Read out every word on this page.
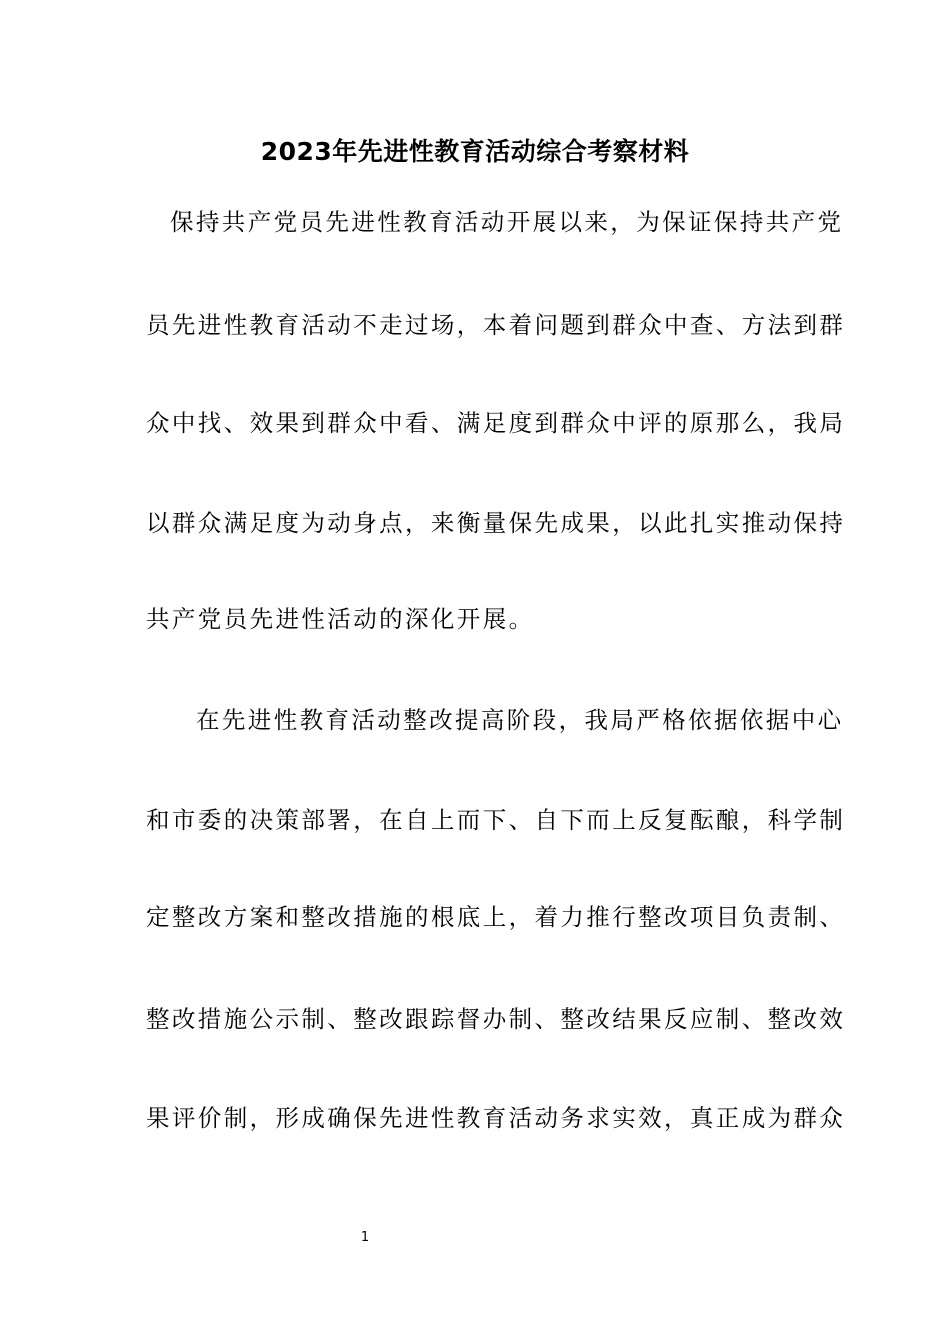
2023年先进性教育活动综合考察材料
保持共产党员先进性教育活动开展以来，为保证保持共产党
员先进性教育活动不走过场，本着问题到群众中查、方法到群
众中找、效果到群众中看、满足度到群众中评的原那么，我局
以群众满足度为动身点，来衡量保先成果，以此扎实推动保持
共产党员先进性活动的深化开展。
在先进性教育活动整改提高阶段，我局严格依据依据中心
和市委的决策部署，在自上而下、自下而上反复酝酿，科学制
定整改方案和整改措施的根底上，着力推行整改项目负责制、
整改措施公示制、整改跟踪督办制、整改结果反应制、整改效
果评价制，形成确保先进性教育活动务求实效，真正成为群众
1
